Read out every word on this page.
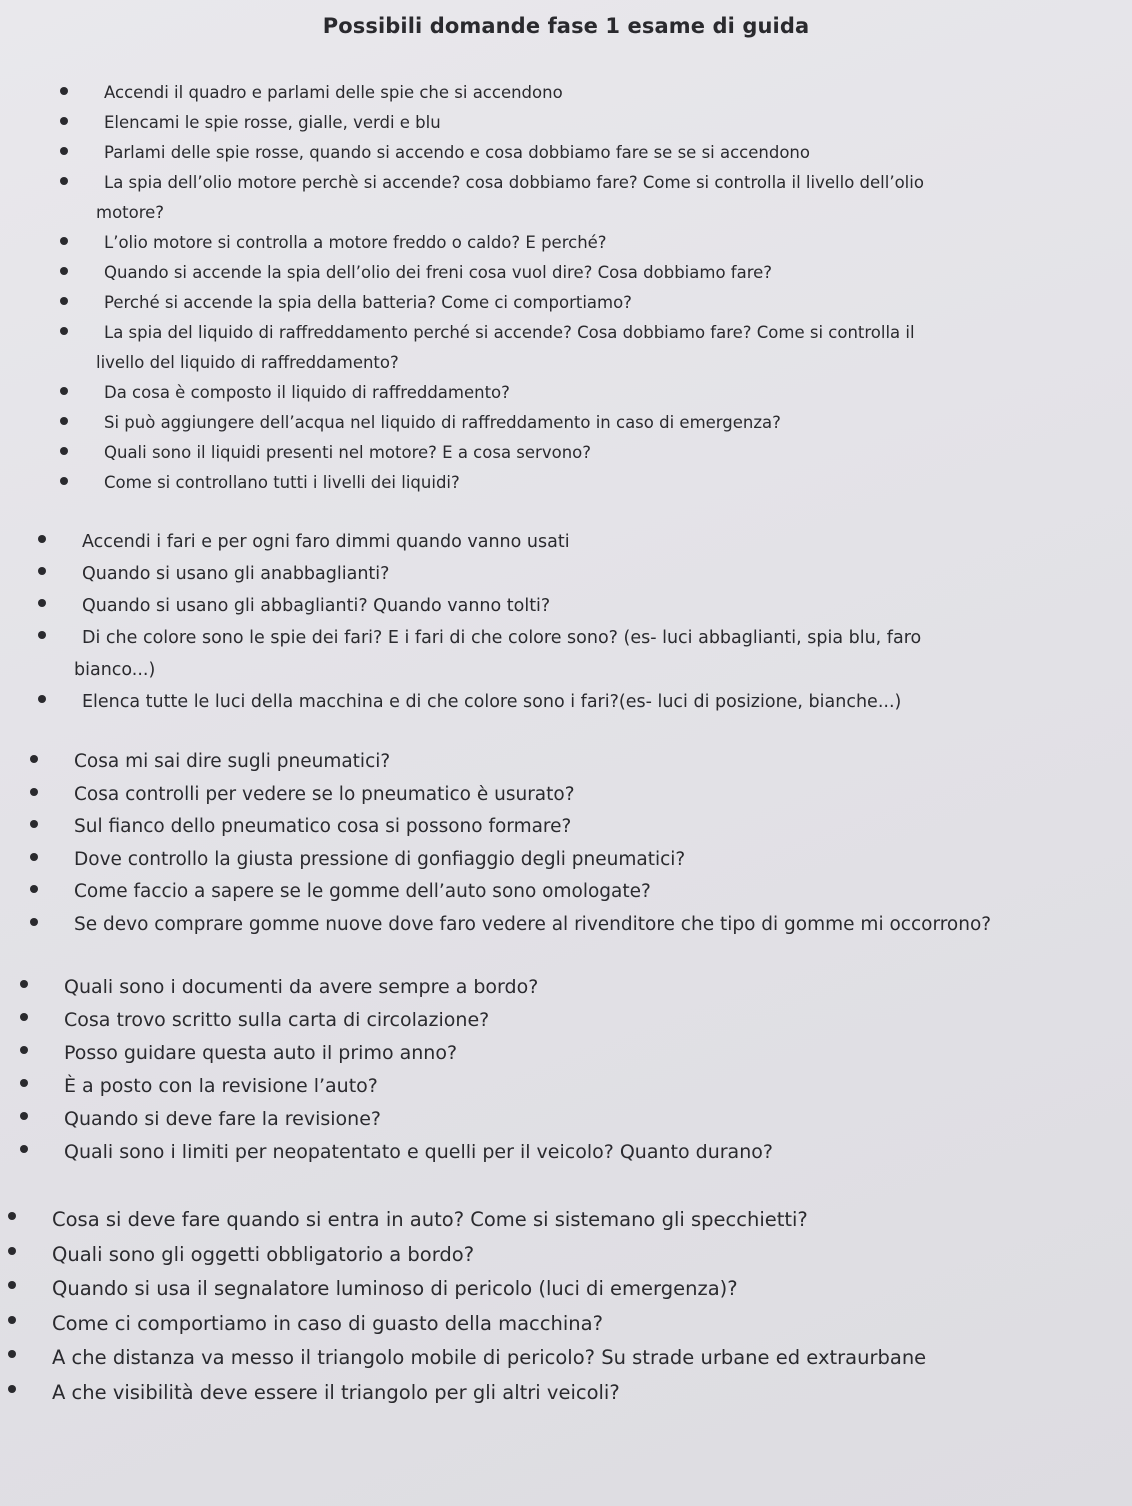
Possibili domande fase 1 esame di guida
Accendi il quadro e parlami delle spie che si accendono
Elencami le spie rosse, gialle, verdi e blu
Parlami delle spie rosse, quando si accendo e cosa dobbiamo fare se se si accendono
La spia dell’olio motore perchè si accende? cosa dobbiamo fare? Come si controlla il livello dell’olio
motore?
L’olio motore si controlla a motore freddo o caldo? E perché?
Quando si accende la spia dell’olio dei freni cosa vuol dire? Cosa dobbiamo fare?
Perché si accende la spia della batteria? Come ci comportiamo?
La spia del liquido di raffreddamento perché si accende? Cosa dobbiamo fare? Come si controlla il
livello del liquido di raffreddamento?
Da cosa è composto il liquido di raffreddamento?
Si può aggiungere dell’acqua nel liquido di raffreddamento in caso di emergenza?
Quali sono il liquidi presenti nel motore? E a cosa servono?
Come si controllano tutti i livelli dei liquidi?
Accendi i fari e per ogni faro dimmi quando vanno usati
Quando si usano gli anabbaglianti?
Quando si usano gli abbaglianti? Quando vanno tolti?
Di che colore sono le spie dei fari? E i fari di che colore sono? (es- luci abbaglianti, spia blu, faro
bianco...)
Elenca tutte le luci della macchina e di che colore sono i fari?(es- luci di posizione, bianche...)
Cosa mi sai dire sugli pneumatici?
Cosa controlli per vedere se lo pneumatico è usurato?
Sul fianco dello pneumatico cosa si possono formare?
Dove controllo la giusta pressione di gonfiaggio degli pneumatici?
Come faccio a sapere se le gomme dell’auto sono omologate?
Se devo comprare gomme nuove dove faro vedere al rivenditore che tipo di gomme mi occorrono?
Quali sono i documenti da avere sempre a bordo?
Cosa trovo scritto sulla carta di circolazione?
Posso guidare questa auto il primo anno?
È a posto con la revisione l’auto?
Quando si deve fare la revisione?
Quali sono i limiti per neopatentato e quelli per il veicolo? Quanto durano?
Cosa si deve fare quando si entra in auto? Come si sistemano gli specchietti?
Quali sono gli oggetti obbligatorio a bordo?
Quando si usa il segnalatore luminoso di pericolo (luci di emergenza)?
Come ci comportiamo in caso di guasto della macchina?
A che distanza va messo il triangolo mobile di pericolo? Su strade urbane ed extraurbane
A che visibilità deve essere il triangolo per gli altri veicoli?
